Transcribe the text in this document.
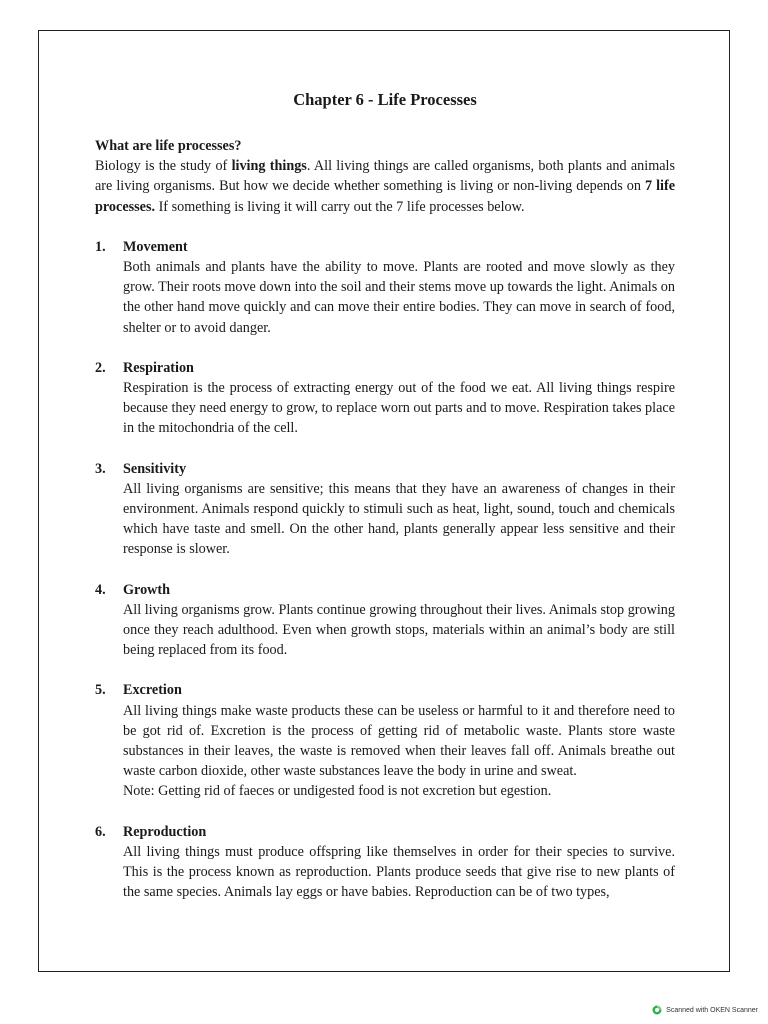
Chapter 6 - Life Processes

What are life processes?

Biology is the study of living things. All living things are called organisms, both plants and animals are living organisms. But how we decide whether something is living or non-living depends on 7 life processes. If something is living it will carry out the 7 life processes below.

1.	Movement

Both animals and plants have the ability to move. Plants are rooted and move slowly as they grow. Their roots move down into the soil and their stems move up towards the light. Animals on the other hand move quickly and can move their entire bodies. They can move in search of food, shelter or to avoid danger.

2.	Respiration

Respiration is the process of extracting energy out of the food we eat. All living things respire because they need energy to grow, to replace worn out parts and to move. Respiration takes place in the mitochondria of the cell.

3.	Sensitivity

All living organisms are sensitive; this means that they have an awareness of changes in their environment. Animals respond quickly to stimuli such as heat, light, sound, touch and chemicals which have taste and smell. On the other hand, plants generally appear less sensitive and their response is slower.

4.	Growth

All living organisms grow. Plants continue growing throughout their lives. Animals stop growing once they reach adulthood. Even when growth stops, materials within an animal’s body are still being replaced from its food.

5.	Excretion

All living things make waste products these can be useless or harmful to it and therefore need to be got rid of. Excretion is the process of getting rid of metabolic waste. Plants store waste substances in their leaves, the waste is removed when their leaves fall off. Animals breathe out waste carbon dioxide, other waste substances leave the body in urine and sweat.

Note: Getting rid of faeces or undigested food is not excretion but egestion.

6.	Reproduction

All living things must produce offspring like themselves in order for their species to survive. This is the process known as reproduction. Plants produce seeds that give rise to new plants of the same species. Animals lay eggs or have babies. Reproduction can be of two types,

Scanned with OKEN Scanner
